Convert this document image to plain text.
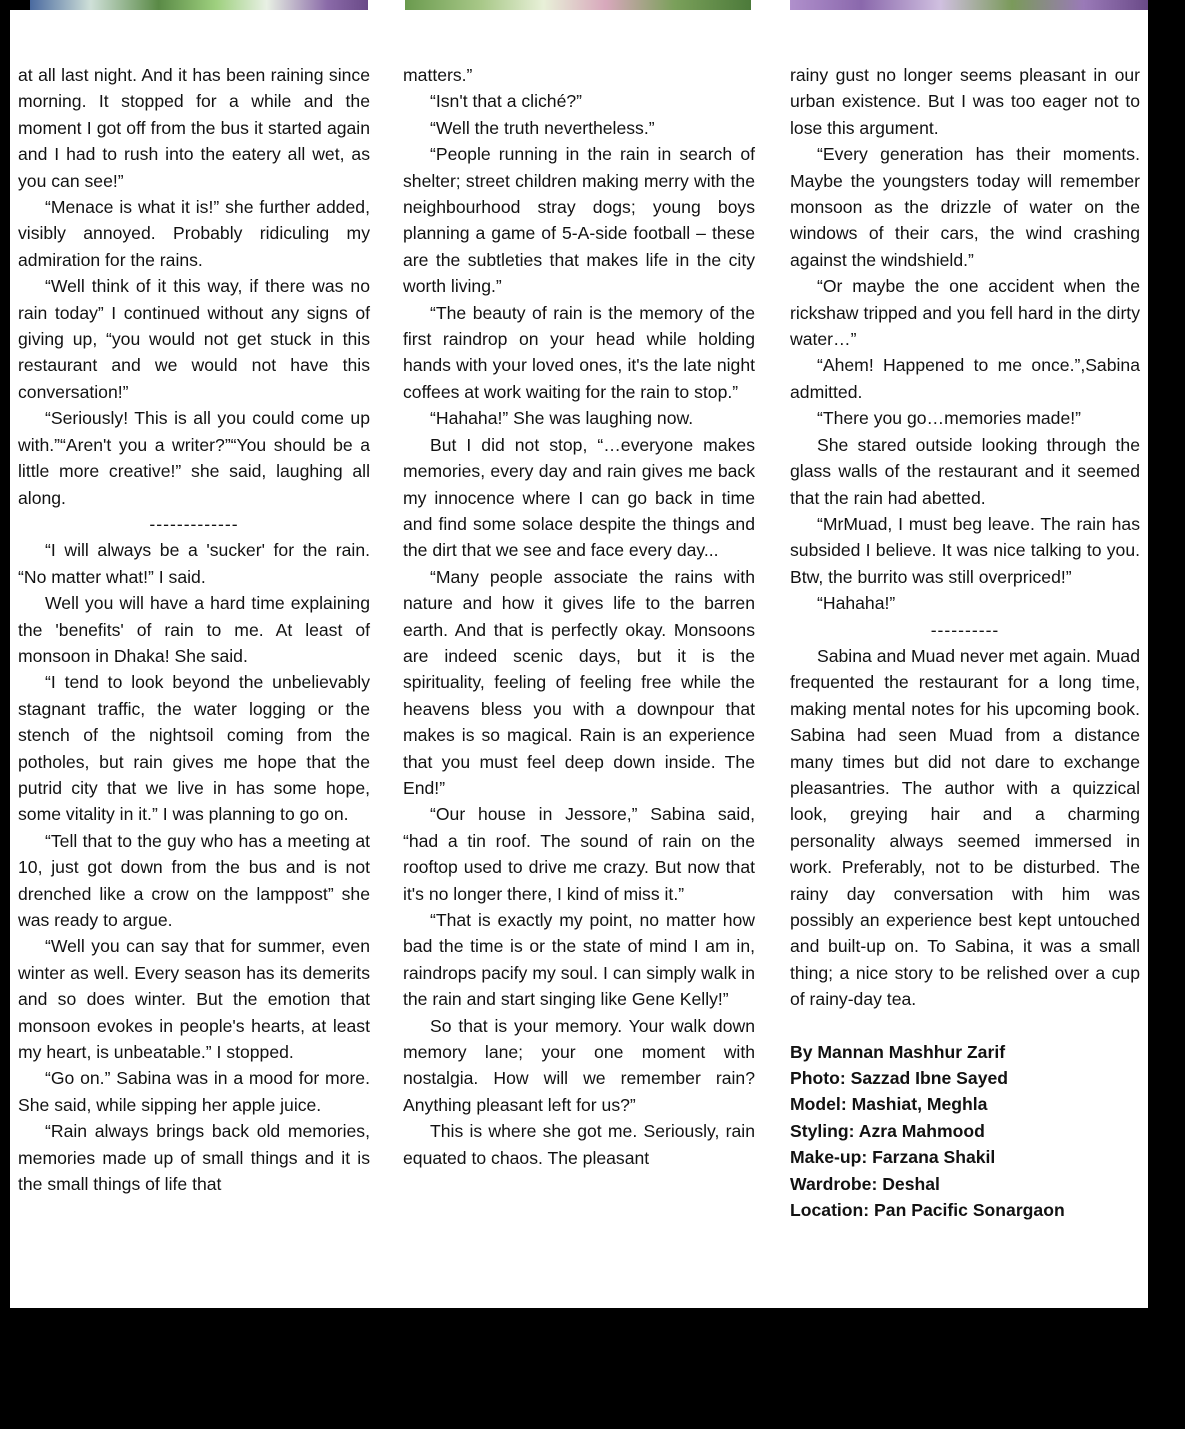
at all last night. And it has been raining since morning. It stopped for a while and the moment I got off from the bus it started again and I had to rush into the eatery all wet, as you can see!”

“Menace is what it is!” she further added, visibly annoyed. Probably ridiculing my admiration for the rains.

“Well think of it this way, if there was no rain today” I continued without any signs of giving up, “you would not get stuck in this restaurant and we would not have this conversation!”

“Seriously! This is all you could come up with.”“Aren't you a writer?”“You should be a little more creative!” she said, laughing all along.

-------------

“I will always be a 'sucker' for the rain. “No matter what!” I said.

Well you will have a hard time explaining the 'benefits' of rain to me. At least of monsoon in Dhaka! She said.

“I tend to look beyond the unbelievably stagnant traffic, the water logging or the stench of the nightsoil coming from the potholes, but rain gives me hope that the putrid city that we live in has some hope, some vitality in it.” I was planning to go on.

“Tell that to the guy who has a meeting at 10, just got down from the bus and is not drenched like a crow on the lamppost” she was ready to argue.

“Well you can say that for summer, even winter as well. Every season has its demerits and so does winter. But the emotion that monsoon evokes in people's hearts, at least my heart, is unbeatable.” I stopped.

“Go on.” Sabina was in a mood for more. She said, while sipping her apple juice.

“Rain always brings back old memories, memories made up of small things and it is the small things of life that

matters.”

“Isn't that a cliché?”

“Well the truth nevertheless.”

“People running in the rain in search of shelter; street children making merry with the neighbourhood stray dogs; young boys planning a game of 5-A-side football – these are the subtleties that makes life in the city worth living.”

“The beauty of rain is the memory of the first raindrop on your head while holding hands with your loved ones, it's the late night coffees at work waiting for the rain to stop.”

“Hahaha!” She was laughing now.

But I did not stop, “…everyone makes memories, every day and rain gives me back my innocence where I can go back in time and find some solace despite the things and the dirt that we see and face every day...

“Many people associate the rains with nature and how it gives life to the barren earth. And that is perfectly okay. Monsoons are indeed scenic days, but it is the spirituality, feeling of feeling free while the heavens bless you with a downpour that makes is so magical. Rain is an experience that you must feel deep down inside. The End!”

“Our house in Jessore,” Sabina said, “had a tin roof. The sound of rain on the rooftop used to drive me crazy. But now that it's no longer there, I kind of miss it.”

“That is exactly my point, no matter how bad the time is or the state of mind I am in, raindrops pacify my soul. I can simply walk in the rain and start singing like Gene Kelly!”

So that is your memory. Your walk down memory lane; your one moment with nostalgia. How will we remember rain? Anything pleasant left for us?”

This is where she got me. Seriously, rain equated to chaos. The pleasant

rainy gust no longer seems pleasant in our urban existence. But I was too eager not to lose this argument.

“Every generation has their moments. Maybe the youngsters today will remember monsoon as the drizzle of water on the windows of their cars, the wind crashing against the windshield.”

“Or maybe the one accident when the rickshaw tripped and you fell hard in the dirty water…”

“Ahem! Happened to me once.”,Sabina admitted.

“There you go…memories made!”

She stared outside looking through the glass walls of the restaurant and it seemed that the rain had abetted.

“MrMuad, I must beg leave. The rain has subsided I believe. It was nice talking to you. Btw, the burrito was still overpriced!”

“Hahaha!”

----------

Sabina and Muad never met again. Muad frequented the restaurant for a long time, making mental notes for his upcoming book. Sabina had seen Muad from a distance many times but did not dare to exchange pleasantries. The author with a quizzical look, greying hair and a charming personality always seemed immersed in work. Preferably, not to be disturbed. The rainy day conversation with him was possibly an experience best kept untouched and built-up on. To Sabina, it was a small thing; a nice story to be relished over a cup of rainy-day tea.

By Mannan Mashhur Zarif
Photo: Sazzad Ibne Sayed
Model: Mashiat, Meghla
Styling: Azra Mahmood
Make-up: Farzana Shakil
Wardrobe: Deshal
Location: Pan Pacific Sonargaon
